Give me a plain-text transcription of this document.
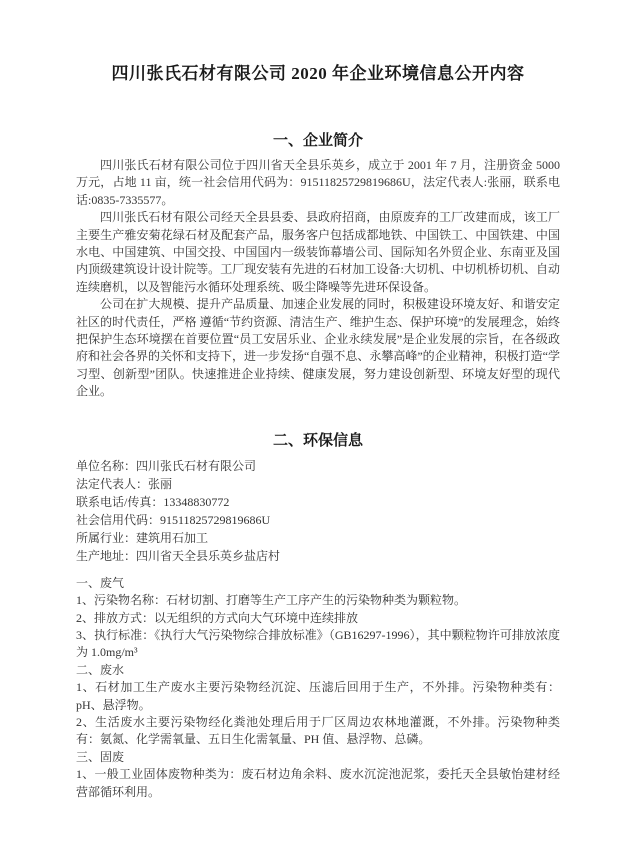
四川张氏石材有限公司 2020 年企业环境信息公开内容
一、企业简介

四川张氏石材有限公司位于四川省天全县乐英乡，成立于 2001 年 7 月，注册资金 5000 万元，占地 11 亩，统一社会信用代码为：91511825729819686U，法定代表人:张丽，联系电话:0835-7335577。

四川张氏石材有限公司经天全县县委、县政府招商，由原废弃的工厂改建而成，该工厂主要生产雅安菊花绿石材及配套产品，服务客户包括成都地铁、中国铁工、中国铁建、中国水电、中国建筑、中国交投、中国国内一级装饰幕墙公司、国际知名外贸企业、东南亚及国内顶级建筑设计设计院等。工厂现安装有先进的石材加工设备:大切机、中切机桥切机、自动连续磨机，以及智能污水循环处理系统、吸尘降噪等先进环保设备。

公司在扩大规模、提升产品质量、加速企业发展的同时，积极建设环境友好、和谐安定社区的时代责任，严格 遵循“节约资源、清洁生产、维护生态、保护环境”的发展理念，始终把保护生态环境摆在首要位置“员工安居乐业、企业永续发展”是企业发展的宗旨，在各级政府和社会各界的关怀和支持下，进一步发扬“自强不息、永攀高峰”的企业精神，积极打造“学习型、创新型”团队。快速推进企业持续、健康发展，努力建设创新型、环境友好型的现代企业。

二、环保信息

单位名称：四川张氏石材有限公司

法定代表人：张丽

联系电话/传真：13348830772

社会信用代码：91511825729819686U

所属行业：建筑用石加工

生产地址：四川省天全县乐英乡盐店村

一、废气

1、污染物名称：石材切割、打磨等生产工序产生的污染物种类为颗粒物。

2、排放方式：以无组织的方式向大气环境中连续排放

3、执行标准：《执行大气污染物综合排放标准》（GB16297-1996），其中颗粒物许可排放浓度为 1.0mg/m³

二、废水

1、石材加工生产废水主要污染物经沉淀、压滤后回用于生产，不外排。污染物种类有：pH、悬浮物。

2、生活废水主要污染物经化粪池处理后用于厂区周边农林地灌溉，不外排。污染物种类有：氨氮、化学需氧量、五日生化需氧量、PH 值、悬浮物、总磷。

三、固废

1、一般工业固体废物种类为：废石材边角余料、废水沉淀池泥浆，委托天全县敏怡建材经营部循环利用。
